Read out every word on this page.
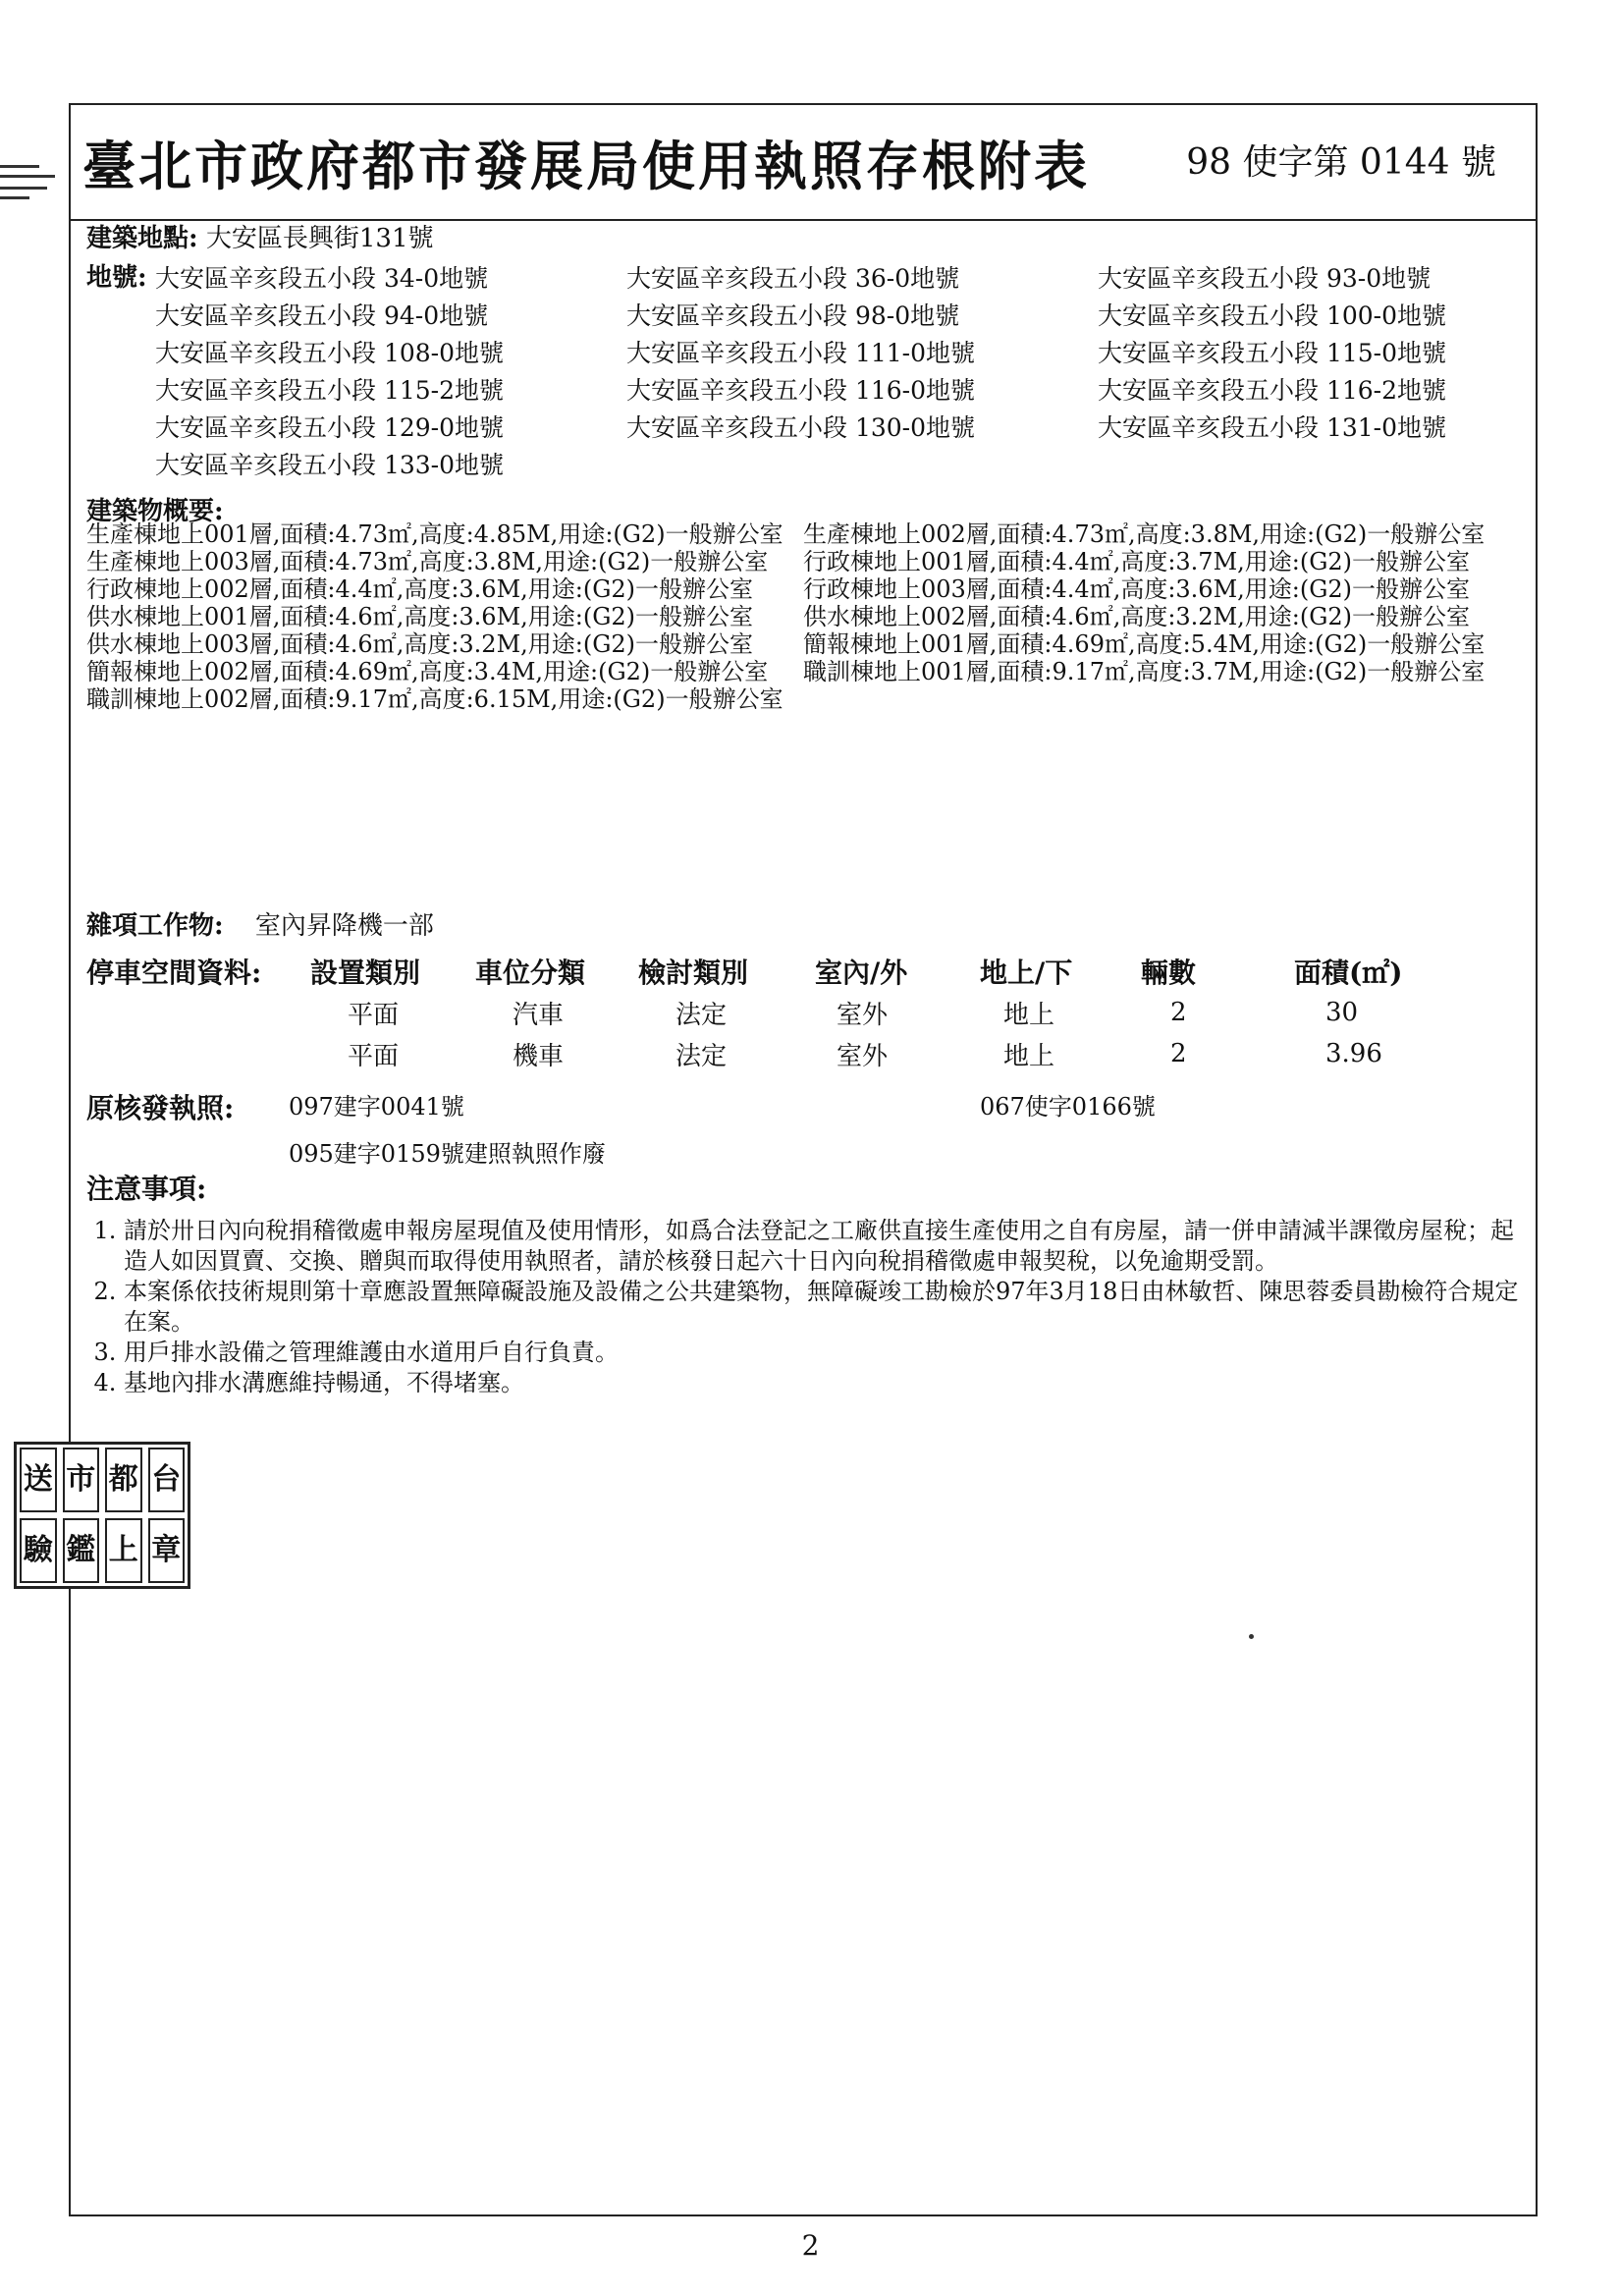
臺北市政府都市發展局使用執照存根附表	98 使字第 0144 號
建築地點: 大安區長興街131號
地號: 大安區辛亥段五小段 34-0地號	大安區辛亥段五小段 36-0地號	大安區辛亥段五小段 93-0地號
大安區辛亥段五小段 94-0地號	大安區辛亥段五小段 98-0地號	大安區辛亥段五小段 100-0地號
大安區辛亥段五小段 108-0地號	大安區辛亥段五小段 111-0地號	大安區辛亥段五小段 115-0地號
大安區辛亥段五小段 115-2地號	大安區辛亥段五小段 116-0地號	大安區辛亥段五小段 116-2地號
大安區辛亥段五小段 129-0地號	大安區辛亥段五小段 130-0地號	大安區辛亥段五小段 131-0地號
大安區辛亥段五小段 133-0地號
建築物概要:
生產棟地上001層,面積:4.73㎡,高度:4.85M,用途:(G2)一般辦公室 生產棟地上002層,面積:4.73㎡,高度:3.8M,用途:(G2)一般辦公室
生產棟地上003層,面積:4.73㎡,高度:3.8M,用途:(G2)一般辦公室	行政棟地上001層,面積:4.4㎡,高度:3.7M,用途:(G2)一般辦公室
行政棟地上002層,面積:4.4㎡,高度:3.6M,用途:(G2)一般辦公室	行政棟地上003層,面積:4.4㎡,高度:3.6M,用途:(G2)一般辦公室
供水棟地上001層,面積:4.6㎡,高度:3.6M,用途:(G2)一般辦公室	供水棟地上002層,面積:4.6㎡,高度:3.2M,用途:(G2)一般辦公室
供水棟地上003層,面積:4.6㎡,高度:3.2M,用途:(G2)一般辦公室	簡報棟地上001層,面積:4.69㎡,高度:5.4M,用途:(G2)一般辦公室
簡報棟地上002層,面積:4.69㎡,高度:3.4M,用途:(G2)一般辦公室	職訓棟地上001層,面積:9.17㎡,高度:3.7M,用途:(G2)一般辦公室
職訓棟地上002層,面積:9.17㎡,高度:6.15M,用途:(G2)一般辦公室
雜項工作物: 室內昇降機一部
停車空間資料:	設置類別	車位分類	檢討類別	室內/外	地上/下	輛數	面積(㎡)
	平面	汽車	法定	室外	地上	2	30
	平面	機車	法定	室外	地上	2	3.96
原核發執照: 097建字0041號	067使字0166號
095建字0159號建照執照作廢
注意事項:
1. 請於卅日內向稅捐稽徵處申報房屋現值及使用情形，如爲合法登記之工廠供直接生產使用之自有房屋，請一併申請減半課徵房屋稅；起造人如因買賣、交換、贈與而取得使用執照者，請於核發日起六十日內向稅捐稽徵處申報契稅，以免逾期受罰。
2. 本案係依技術規則第十章應設置無障礙設施及設備之公共建築物，無障礙竣工勘檢於97年3月18日由林敏哲、陳思蓉委員勘檢符合規定在案。
3. 用戶排水設備之管理維護由水道用戶自行負責。
4. 基地內排水溝應維持暢通，不得堵塞。
送 市 都 台
驗 鑑 上 章
2
